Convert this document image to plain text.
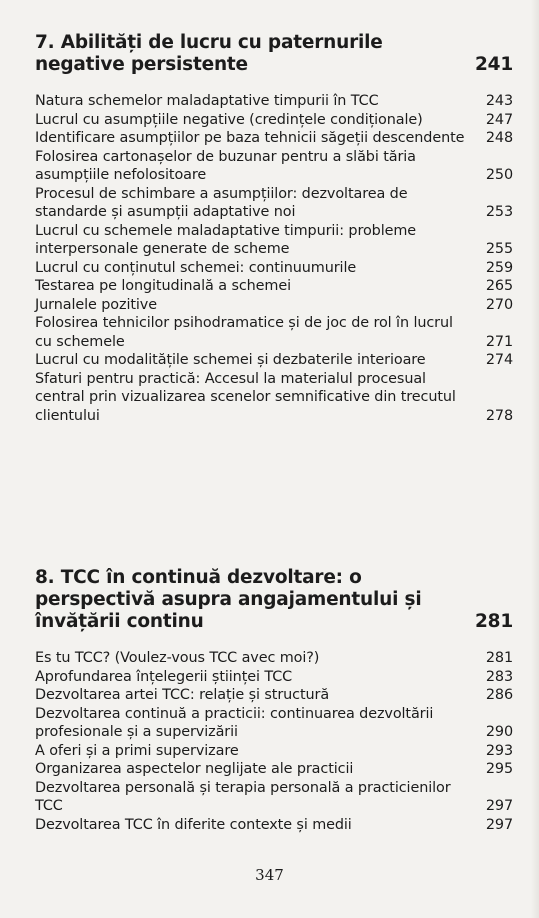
7. Abilități de lucru cu paternurile negative persistente	241
Natura schemelor maladaptative timpurii în TCC	243
Lucrul cu asumpțiile negative (credințele condiționale)	247
Identificare asumpțiilor pe baza tehnicii săgeții descendente	248
Folosirea cartonașelor de buzunar pentru a slăbi tăria asumpțiile nefolositoare	250
Procesul de schimbare a asumpțiilor: dezvoltarea de standarde și asumpții adaptative noi	253
Lucrul cu schemele maladaptative timpurii: probleme interpersonale generate de scheme	255
Lucrul cu conținutul schemei: continuumurile	259
Testarea pe longitudinală a schemei	265
Jurnalele pozitive	270
Folosirea tehnicilor psihodramatice și de joc de rol în lucrul cu schemele	271
Lucrul cu modalitățile schemei și dezbaterile interioare	274
Sfaturi pentru practică: Accesul la materialul procesual central prin vizualizarea scenelor semnificative din trecutul clientului	278
8. TCC în continuă dezvoltare: o perspectivă asupra angajamentului și învățării continu	281
Es tu TCC? (Voulez-vous TCC avec moi?)	281
Aprofundarea înțelegerii științei TCC	283
Dezvoltarea artei TCC: relație și structură	286
Dezvoltarea continuă a practicii: continuarea dezvoltării profesionale și a supervizării	290
A oferi și a primi supervizare	293
Organizarea aspectelor neglijate ale practicii	295
Dezvoltarea personală și terapia personală a practicienilor TCC	297
Dezvoltarea TCC în diferite contexte și medii	297
347
